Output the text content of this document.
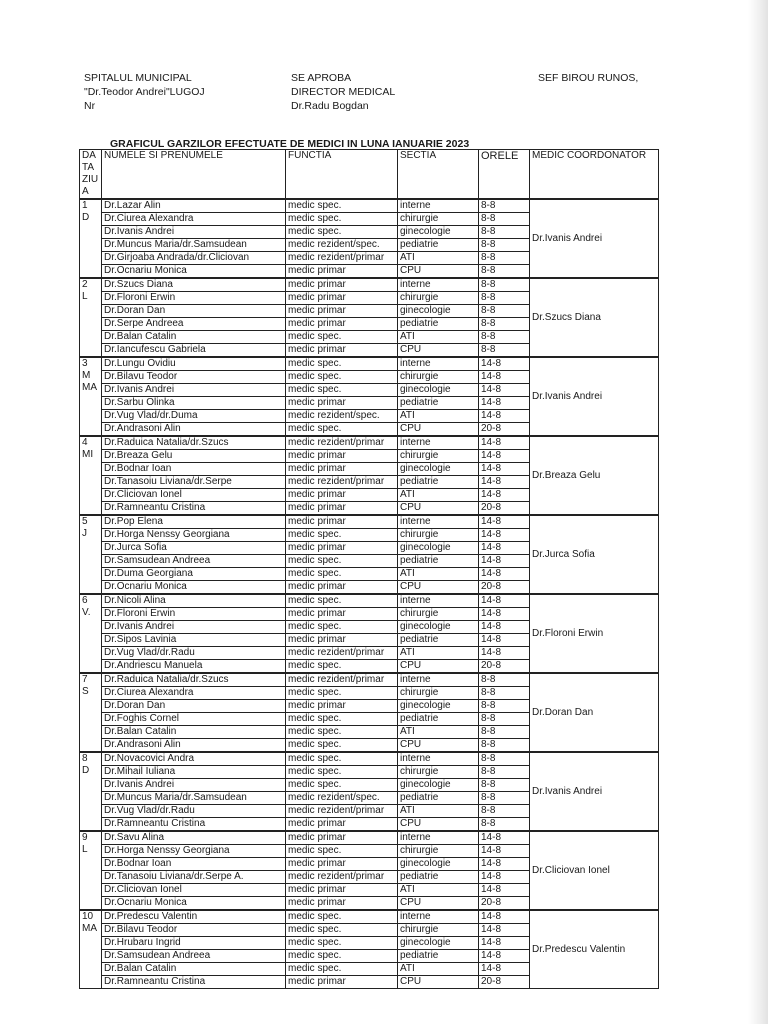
SPITALUL MUNICIPAL
"Dr.Teodor Andrei"LUGOJ
Nr
SE APROBA
DIRECTOR MEDICAL
Dr.Radu Bogdan
SEF BIROU RUNOS,
GRAFICUL GARZILOR EFECTUATE DE MEDICI IN LUNA IANUARIE 2023
DATA ZIUA	NUMELE SI PRENUMELE	FUNCTIA	SECTIA	ORELE	MEDIC COORDONATOR

1
D	Dr.Lazar Alin	medic spec.	interne	8-8	Dr.Ivanis Andrei
	Dr.Ciurea Alexandra	medic spec.	chirurgie	8-8	
	Dr.Ivanis Andrei	medic spec.	ginecologie	8-8	
	Dr.Muncus Maria/dr.Samsudean	medic rezident/spec.	pediatrie	8-8	
	Dr.Girjoaba Andrada/dr.Cliciovan	medic rezident/primar	ATI	8-8	
	Dr.Ocnariu Monica	medic primar	CPU	8-8	

2
L	Dr.Szucs Diana	medic primar	interne	8-8	Dr.Szucs Diana
	Dr.Floroni Erwin	medic primar	chirurgie	8-8	
	Dr.Doran Dan	medic primar	ginecologie	8-8	
	Dr.Serpe Andreea	medic primar	pediatrie	8-8	
	Dr.Balan Catalin	medic spec.	ATI	8-8	
	Dr.Iancufescu Gabriela	medic primar	CPU	8-8	

3
M
MA	Dr.Lungu Ovidiu	medic spec.	interne	14-8	Dr.Ivanis Andrei
	Dr.Bilavu Teodor	medic spec.	chirurgie	14-8	
	Dr.Ivanis Andrei	medic spec.	ginecologie	14-8	
	Dr.Sarbu Olinka	medic primar	pediatrie	14-8	
	Dr.Vug Vlad/dr.Duma	medic rezident/spec.	ATI	14-8	
	Dr.Andrasoni Alin	medic spec.	CPU	20-8	

4
MI	Dr.Raduica Natalia/dr.Szucs	medic rezident/primar	interne	14-8	Dr.Breaza Gelu
	Dr.Breaza Gelu	medic primar	chirurgie	14-8	
	Dr.Bodnar Ioan	medic primar	ginecologie	14-8	
	Dr.Tanasoiu Liviana/dr.Serpe	medic rezident/primar	pediatrie	14-8	
	Dr.Cliciovan Ionel	medic primar	ATI	14-8	
	Dr.Ramneantu Cristina	medic primar	CPU	20-8	

5
J	Dr.Pop Elena	medic primar	interne	14-8	Dr.Jurca Sofia
	Dr.Horga Nenssy Georgiana	medic spec.	chirurgie	14-8	
	Dr.Jurca Sofia	medic primar	ginecologie	14-8	
	Dr.Samsudean Andreea	medic spec.	pediatrie	14-8	
	Dr.Duma Georgiana	medic spec.	ATI	14-8	
	Dr.Ocnariu Monica	medic primar	CPU	20-8	

6
V.	Dr.Nicoli Alina	medic spec.	interne	14-8	Dr.Floroni Erwin
	Dr.Floroni Erwin	medic primar	chirurgie	14-8	
	Dr.Ivanis Andrei	medic spec.	ginecologie	14-8	
	Dr.Sipos Lavinia	medic primar	pediatrie	14-8	
	Dr.Vug Vlad/dr.Radu	medic rezident/primar	ATI	14-8	
	Dr.Andriescu Manuela	medic spec.	CPU	20-8	

7
S	Dr.Raduica Natalia/dr.Szucs	medic rezident/primar	interne	8-8	Dr.Doran Dan
	Dr.Ciurea Alexandra	medic spec.	chirurgie	8-8	
	Dr.Doran Dan	medic primar	ginecologie	8-8	
	Dr.Foghis Cornel	medic spec.	pediatrie	8-8	
	Dr.Balan Catalin	medic spec.	ATI	8-8	
	Dr.Andrasoni Alin	medic spec.	CPU	8-8	

8
D	Dr.Novacovici Andra	medic spec.	interne	8-8	Dr.Ivanis Andrei
	Dr.Mihail Iuliana	medic spec.	chirurgie	8-8	
	Dr.Ivanis Andrei	medic spec.	ginecologie	8-8	
	Dr.Muncus Maria/dr.Samsudean	medic rezident/spec.	pediatrie	8-8	
	Dr.Vug Vlad/dr.Radu	medic rezident/primar	ATI	8-8	
	Dr.Ramneantu Cristina	medic primar	CPU	8-8	

9
L	Dr.Savu Alina	medic primar	interne	14-8	Dr.Cliciovan Ionel
	Dr.Horga Nenssy Georgiana	medic spec.	chirurgie	14-8	
	Dr.Bodnar Ioan	medic primar	ginecologie	14-8	
	Dr.Tanasoiu Liviana/dr.Serpe A.	medic rezident/primar	pediatrie	14-8	
	Dr.Cliciovan Ionel	medic primar	ATI	14-8	
	Dr.Ocnariu Monica	medic primar	CPU	20-8	

10
MA	Dr.Predescu Valentin	medic spec.	interne	14-8	Dr.Predescu Valentin
	Dr.Bilavu Teodor	medic spec.	chirurgie	14-8	
	Dr.Hrubaru Ingrid	medic spec.	ginecologie	14-8	
	Dr.Samsudean Andreea	medic spec.	pediatrie	14-8	
	Dr.Balan Catalin	medic spec.	ATI	14-8	
	Dr.Ramneantu Cristina	medic primar	CPU	20-8	
